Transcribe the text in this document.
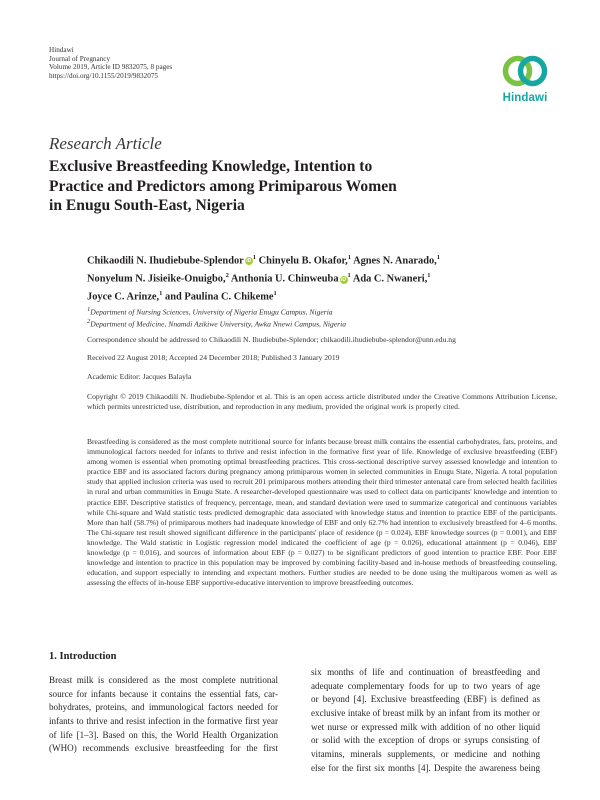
Hindawi
Journal of Pregnancy
Volume 2019, Article ID 9832075, 8 pages
https://doi.org/10.1155/2019/9832075
Hindawi
Research Article
Exclusive Breastfeeding Knowledge, Intention to
Practice and Predictors among Primiparous Women
in Enugu South-East, Nigeria
Chikaodili N. Ihudiebube-Splendor $iD^1$ Chinyelu B. Okafor,$^1$ Agnes N. Anarado,$^1$
Nonyelum N. Jisieike-Onuigbo,$^2$ Anthonia U. Chinweuba $iD^1$ Ada C. Nwaneri,$^1$
Joyce C. Arinze,$^1$ and Paulina C. Chikeme$^1$
$^1$Department of Nursing Sciences, University of Nigeria Enugu Campus, Nigeria
$^2$Department of Medicine, Nnamdi Azikiwe University, Awka Nnewi Campus, Nigeria
Correspondence should be addressed to Chikaodili N. Ihudiebube-Splendor; chikaodili.ihudiebube-splendor@unn.edu.ng
Received 22 August 2018; Accepted 24 December 2018; Published 3 January 2019
Academic Editor: Jacques Balayla
Copyright © 2019 Chikaodili N. Ihudiebube-Splendor et al. This is an open access article distributed under the Creative Commons Attribution License, which permits unrestricted use, distribution, and reproduction in any medium, provided the original work is properly cited.
Breastfeeding is considered as the most complete nutritional source for infants because breast milk contains the essential carbohydrates, fats, proteins, and immunological factors needed for infants to thrive and resist infection in the formative first year of life. Knowledge of exclusive breastfeeding (EBF) among women is essential when promoting optimal breastfeeding practices. This cross-sectional descriptive survey assessed knowledge and intention to practice EBF and its associated factors during pregnancy among primiparous women in selected communities in Enugu State, Nigeria. A total population study that applied inclusion criteria was used to recruit 201 primiparous mothers attending their third trimester antenatal care from selected health facilities in rural and urban communities in Enugu State. A researcher-developed questionnaire was used to collect data on participants' knowledge and intention to practice EBF. Descriptive statistics of frequency, percentage, mean, and standard deviation were used to summarize categorical and continuous variables while Chi-square and Wald statistic tests predicted demographic data associated with knowledge status and intention to practice EBF of the participants. More than half (58.7%) of primiparous mothers had inadequate knowledge of EBF and only 62.7% had intention to exclusively breastfeed for 4–6 months. The Chi-square test result showed significant difference in the participants' place of residence (p = 0.024), EBF knowledge sources (p = 0.001), and EBF knowledge. The Wald statistic in Logistic regression model indicated the coefficient of age (p = 0.026), educational attainment (p = 0.046), EBF knowledge (p = 0.016), and sources of information about EBF (p = 0.027) to be significant predictors of good intention to practice EBF. Poor EBF knowledge and intention to practice in this population may be improved by combining facility-based and in-house methods of breastfeeding counseling, education, and support especially to intending and expectant mothers. Further studies are needed to be done using the multiparous women as well as assessing the effects of in-house EBF supportive-educative intervention to improve breastfeeding outcomes.
1. Introduction
Breast milk is considered as the most complete nutritional
source for infants because it contains the essential fats, car-
bohydrates, proteins, and immunological factors needed for
infants to thrive and resist infection in the formative first year
of life [1–3]. Based on this, the World Health Organization
(WHO) recommends exclusive breastfeeding for the first
six months of life and continuation of breastfeeding and
adequate complementary foods for up to two years of age
or beyond [4]. Exclusive breastfeeding (EBF) is defined as
exclusive intake of breast milk by an infant from its mother or
wet nurse or expressed milk with addition of no other liquid
or solid with the exception of drops or syrups consisting of
vitamins, minerals supplements, or medicine and nothing
else for the first six months [4]. Despite the awareness being
